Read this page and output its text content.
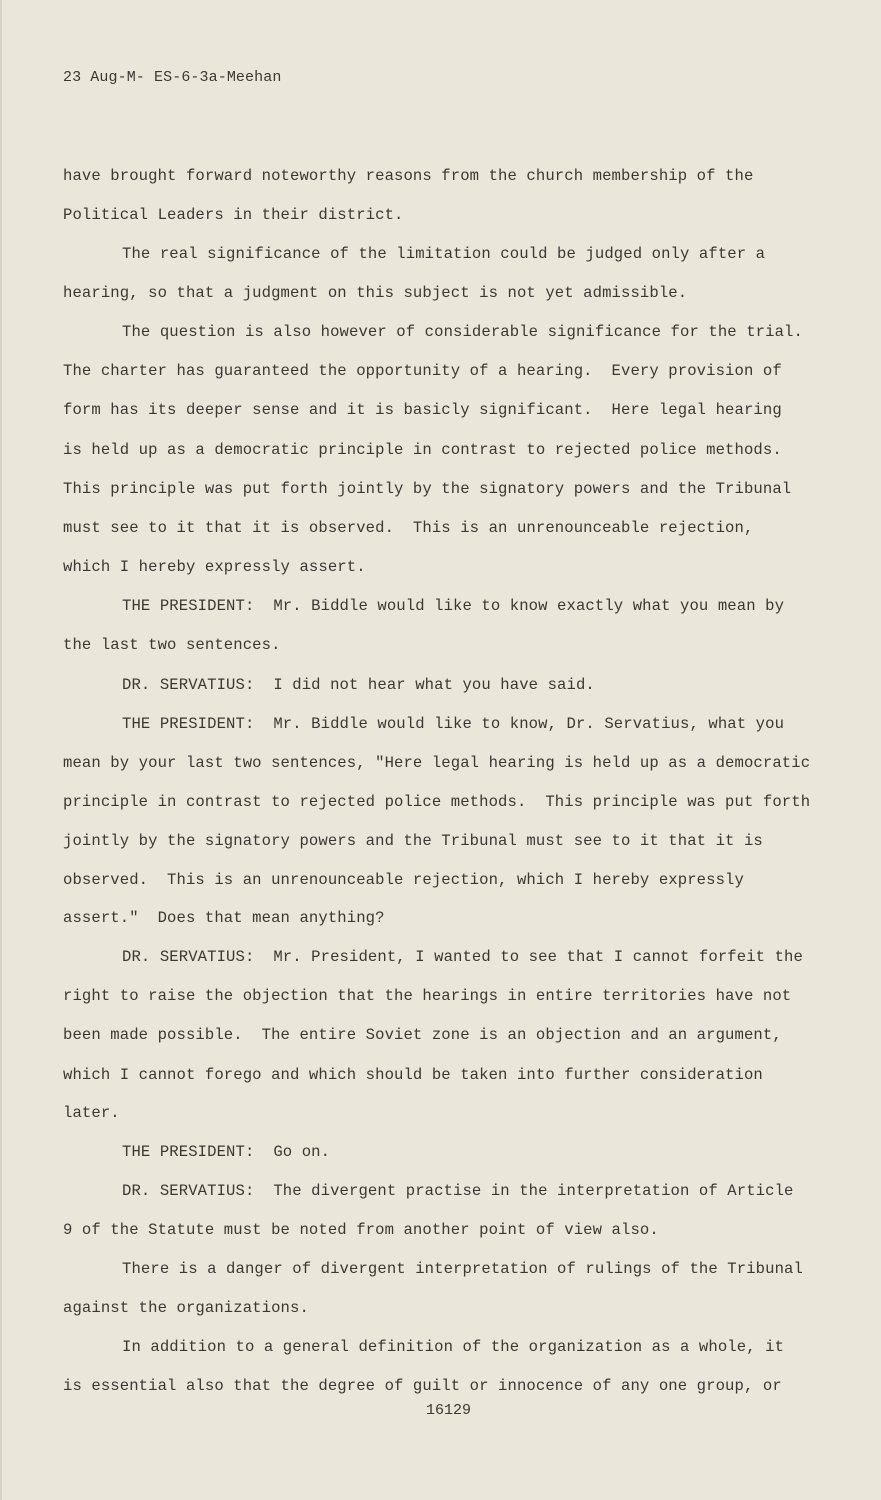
23 Aug-M- ES-6-3a-Meehan
have brought forward noteworthy reasons from the church membership of the
Political Leaders in their district.
The real significance of the limitation could be judged only after a
hearing, so that a judgment on this subject is not yet admissible.
The question is also however of considerable significance for the trial.
The charter has guaranteed the opportunity of a hearing.  Every provision of
form has its deeper sense and it is basicly significant.  Here legal hearing
is held up as a democratic principle in contrast to rejected police methods.
This principle was put forth jointly by the signatory powers and the Tribunal
must see to it that it is observed.  This is an unrenounceable rejection,
which I hereby expressly assert.
THE PRESIDENT:  Mr. Biddle would like to know exactly what you mean by
the last two sentences.
DR. SERVATIUS:  I did not hear what you have said.
THE PRESIDENT:  Mr. Biddle would like to know, Dr. Servatius, what you
mean by your last two sentences, "Here legal hearing is held up as a democratic
principle in contrast to rejected police methods.  This principle was put forth
jointly by the signatory powers and the Tribunal must see to it that it is
observed.  This is an unrenounceable rejection, which I hereby expressly
assert."  Does that mean anything?
DR. SERVATIUS:  Mr. President, I wanted to see that I cannot forfeit the
right to raise the objection that the hearings in entire territories have not
been made possible.  The entire Soviet zone is an objection and an argument,
which I cannot forego and which should be taken into further consideration
later.
THE PRESIDENT:  Go on.
DR. SERVATIUS:  The divergent practise in the interpretation of Article
9 of the Statute must be noted from another point of view also.
There is a danger of divergent interpretation of rulings of the Tribunal
against the organizations.
In addition to a general definition of the organization as a whole, it
is essential also that the degree of guilt or innocence of any one group, or
16129
